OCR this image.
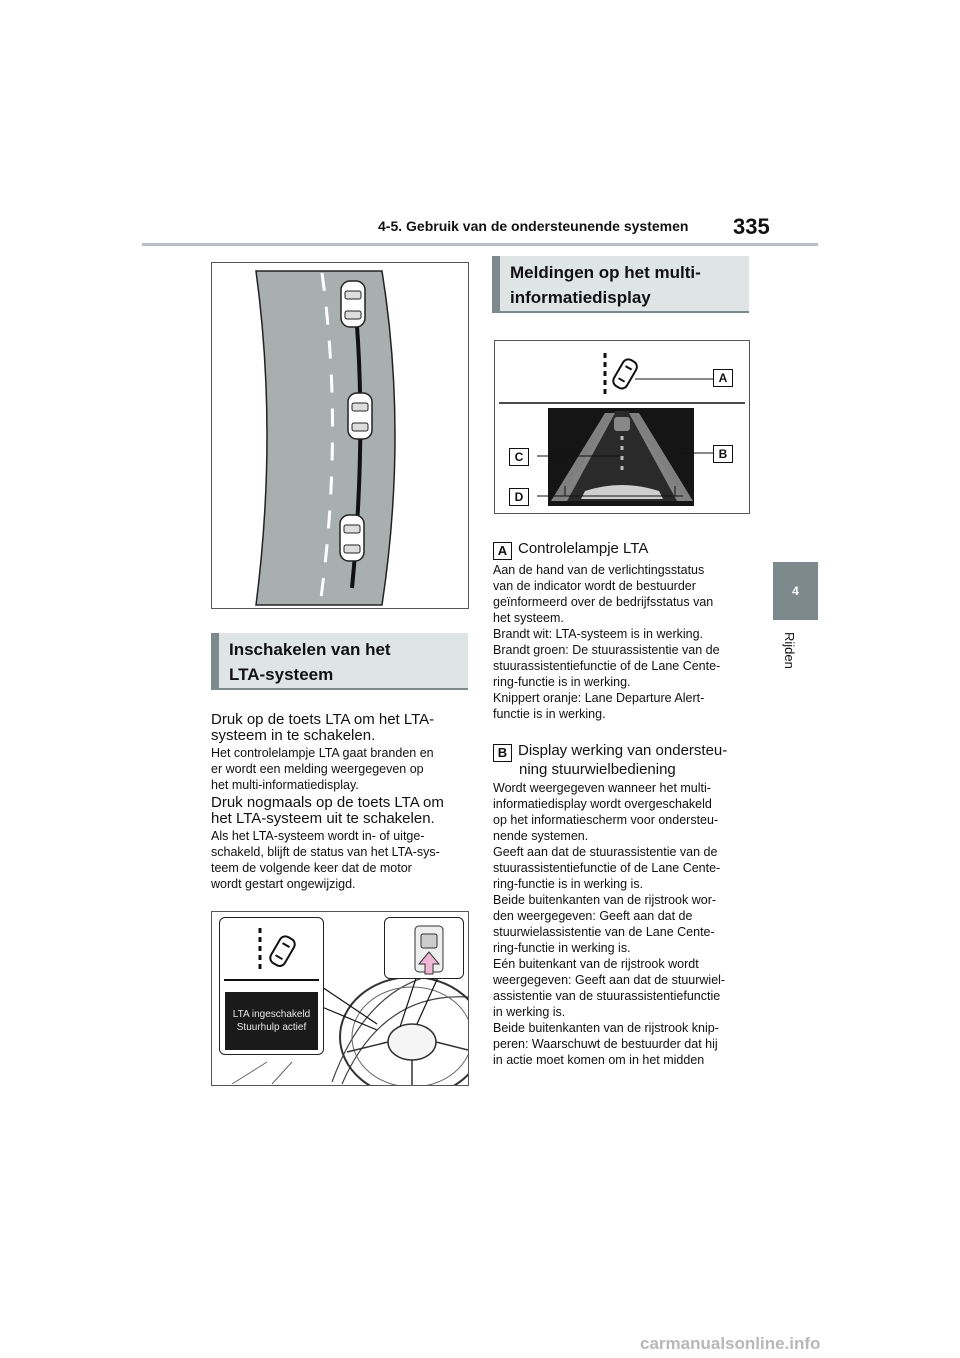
4-5. Gebruik van de ondersteunende systemen 335
4
Rijden
Inschakelen van het
LTA-systeem
Druk op de toets LTA om het LTA-
systeem in te schakelen.
Het controlelampje LTA gaat branden en
er wordt een melding weergegeven op
het multi-informatiedisplay.
Druk nogmaals op de toets LTA om
het LTA-systeem uit te schakelen.
Als het LTA-systeem wordt in- of uitge-
schakeld, blijft de status van het LTA-sys-
teem de volgende keer dat de motor
wordt gestart ongewijzigd.
LTA ingeschakeld
Stuurhulp actief
Meldingen op het multi-
informatiedisplay
A
B
C
D
A Controlelampje LTA
Aan de hand van de verlichtingsstatus
van de indicator wordt de bestuurder
geïnformeerd over de bedrijfsstatus van
het systeem.
Brandt wit: LTA-systeem is in werking.
Brandt groen: De stuurassistentie van de
stuurassistentiefunctie of de Lane Cente-
ring-functie is in werking.
Knippert oranje: Lane Departure Alert-
functie is in werking.
B Display werking van ondersteu-
ning stuurwielbediening
Wordt weergegeven wanneer het multi-
informatiedisplay wordt overgeschakeld
op het informatiescherm voor ondersteu-
nende systemen.
Geeft aan dat de stuurassistentie van de
stuurassistentiefunctie of de Lane Cente-
ring-functie is in werking is.
Beide buitenkanten van de rijstrook wor-
den weergegeven: Geeft aan dat de
stuurwielassistentie van de Lane Cente-
ring-functie in werking is.
Eén buitenkant van de rijstrook wordt
weergegeven: Geeft aan dat de stuurwiel-
assistentie van de stuurassistentiefunctie
in werking is.
Beide buitenkanten van de rijstrook knip-
peren: Waarschuwt de bestuurder dat hij
in actie moet komen om in het midden
carmanualsonline.info
